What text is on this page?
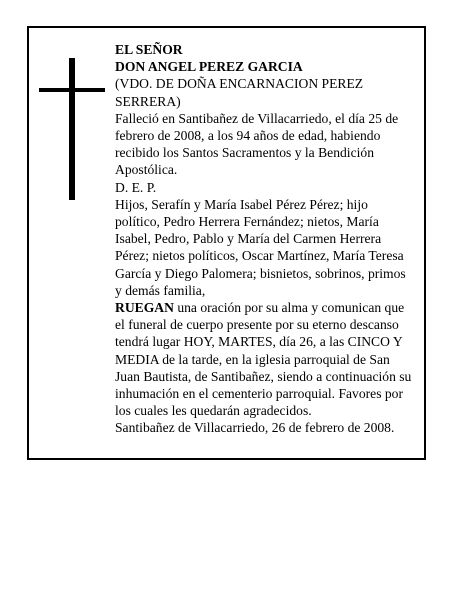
EL SEÑOR

DON ANGEL PEREZ GARCIA

(VDO. DE DOÑA ENCARNACION PEREZ SERRERA)

Falleció en Santibañez de Villacarriedo, el día 25 de febrero de 2008, a los 94 años de edad, habiendo recibido los Santos Sacramentos y la Bendición Apostólica.

D. E. P.

Hijos, Serafín y María Isabel Pérez Pérez; hijo político, Pedro Herrera Fernández; nietos, María Isabel, Pedro, Pablo y María del Carmen Herrera Pérez; nietos políticos, Oscar Martínez, María Teresa García y Diego Palomera; bisnietos, sobrinos, primos y demás familia,

RUEGAN una oración por su alma y comunican que el funeral de cuerpo presente por su eterno descanso tendrá lugar HOY, MARTES, día 26, a las CINCO Y MEDIA de la tarde, en la iglesia parroquial de San Juan Bautista, de Santibañez, siendo a continuación su inhumación en el cementerio parroquial. Favores por los cuales les quedarán agradecidos.

Santibañez de Villacarriedo, 26 de febrero de 2008.
